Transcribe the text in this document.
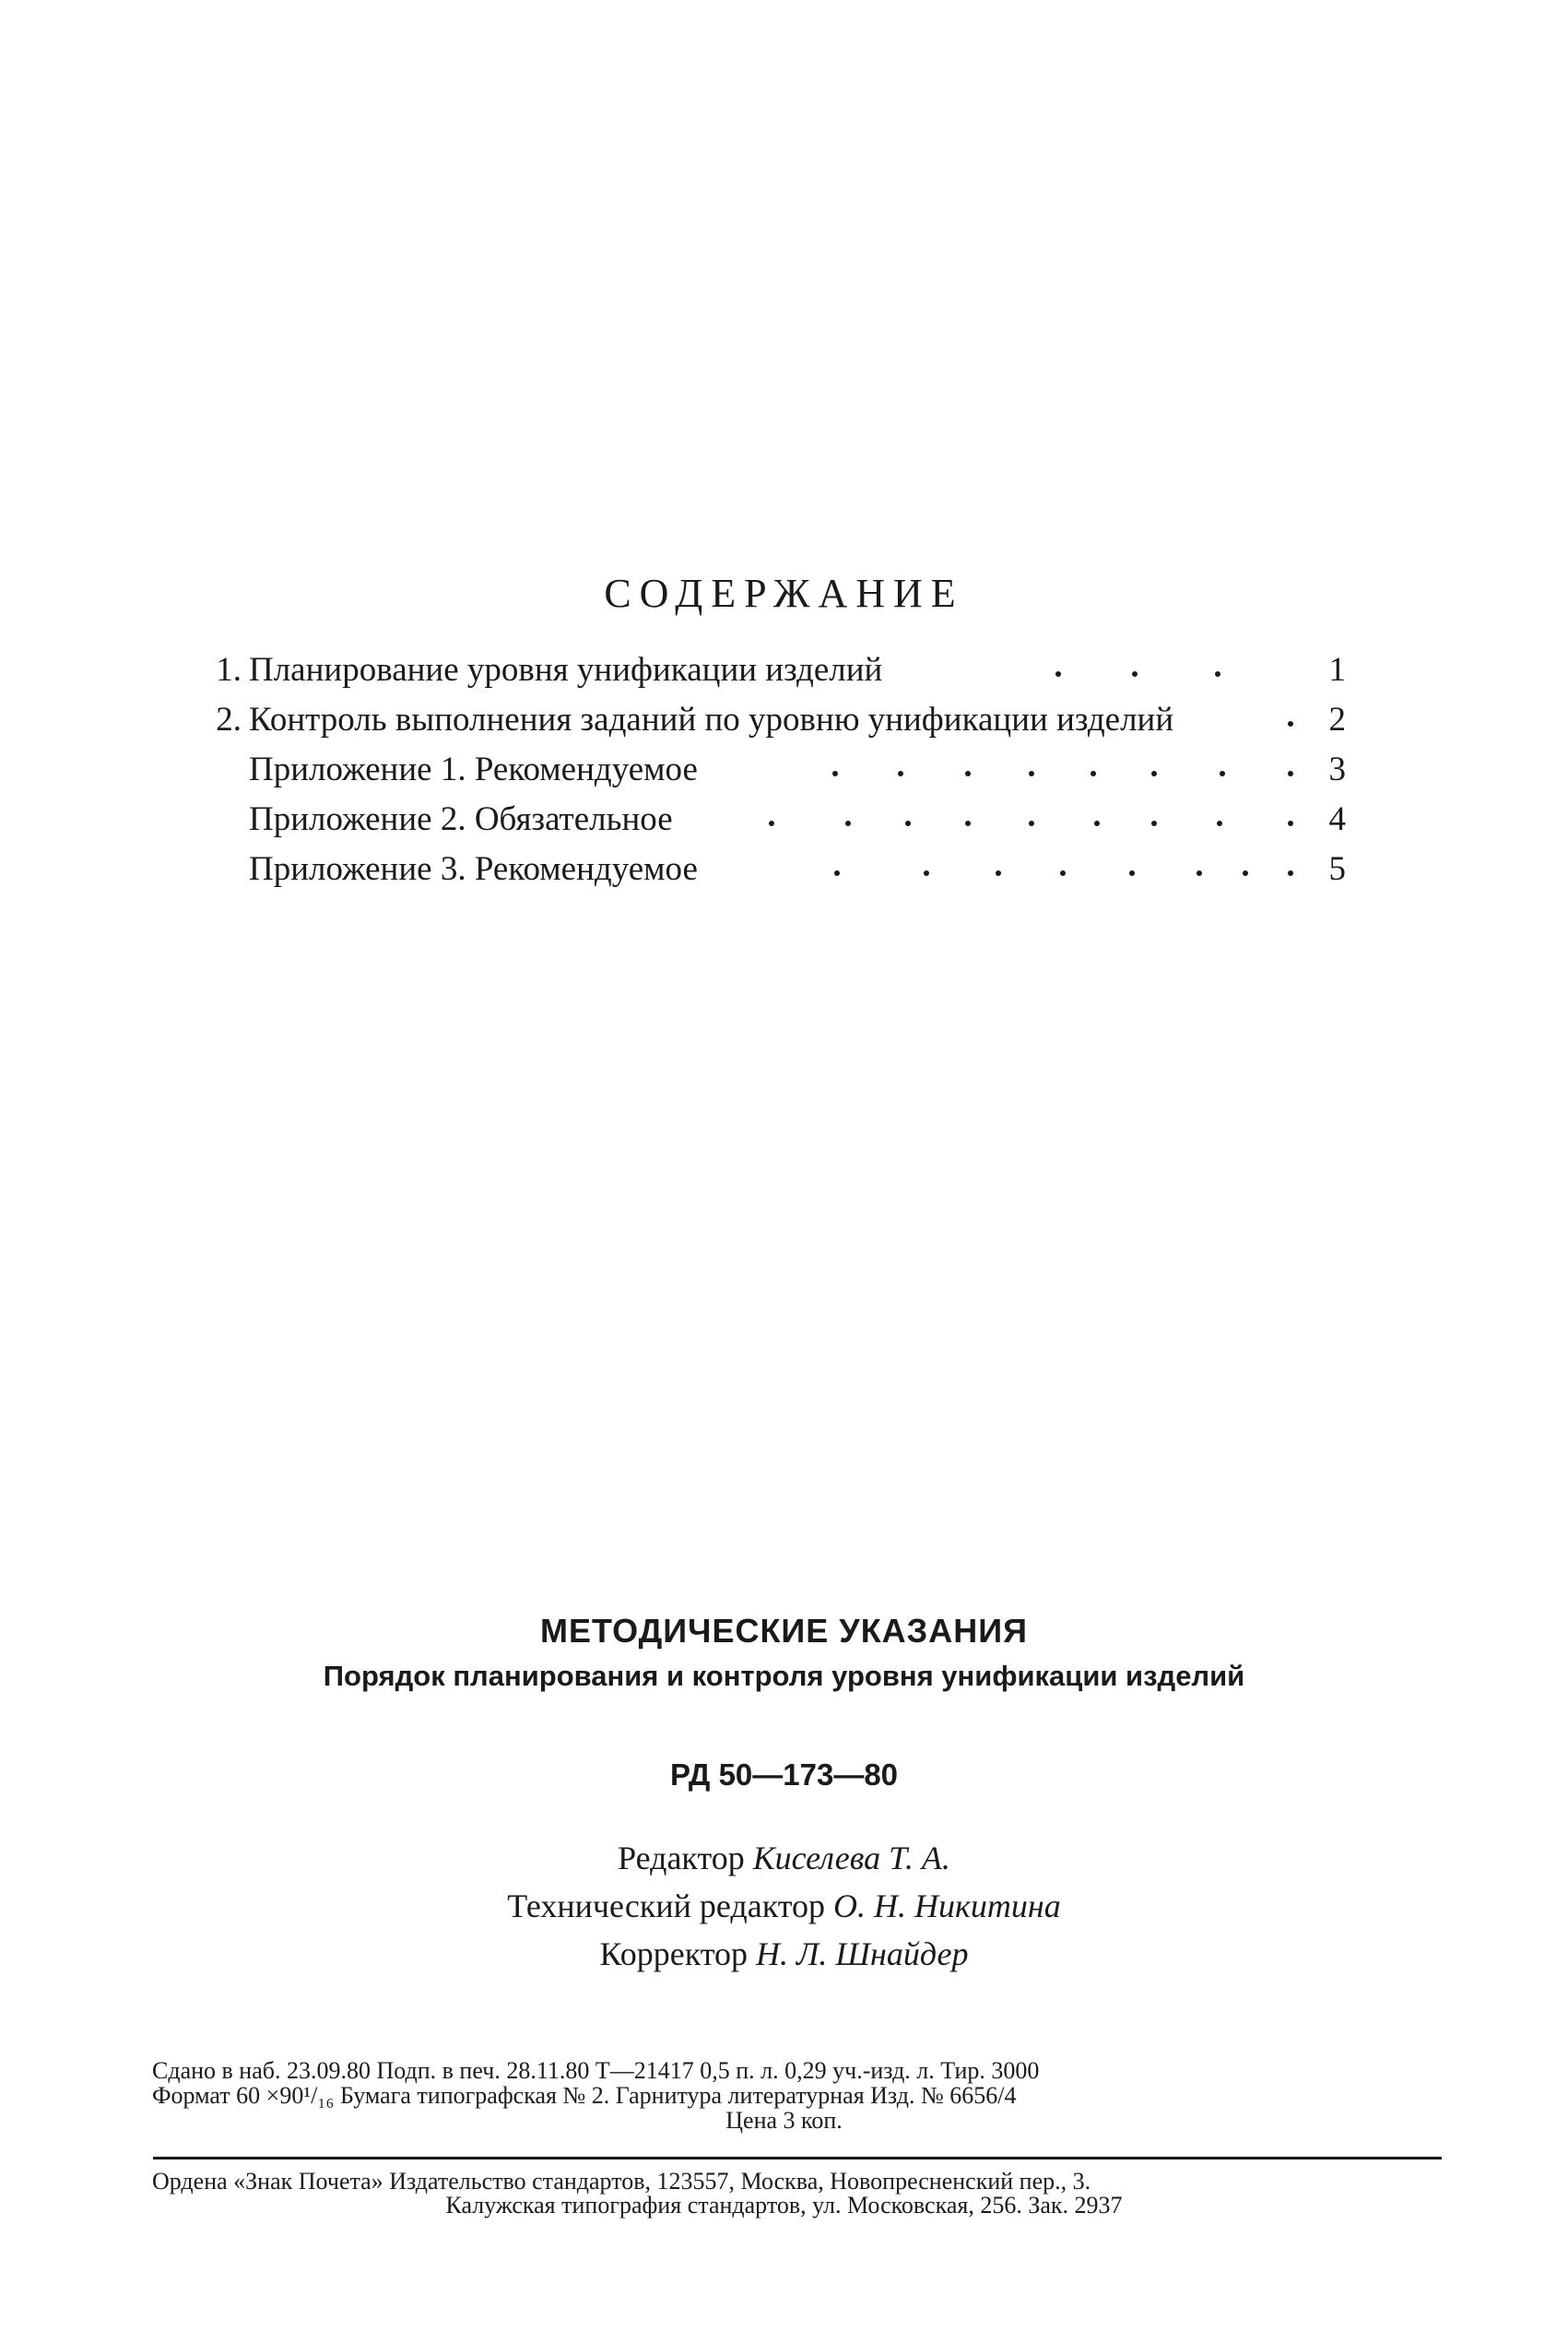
СОДЕРЖАНИЕ
1. Планирование уровня унификации изделий	1
2. Контроль выполнения заданий по уровню унификации изделий	2
Приложение 1. Рекомендуемое	3
Приложение 2. Обязательное	4
Приложение 3. Рекомендуемое	5
МЕТОДИЧЕСКИЕ УКАЗАНИЯ
Порядок планирования и контроля уровня унификации изделий
РД 50—173—80
Редактор Киселева Т. А.
Технический редактор О. Н. Никитина
Корректор Н. Л. Шнайдер
Сдано в наб. 23.09.80 Подп. в печ. 28.11.80 Т—21417 0,5 п. л. 0,29 уч.-изд. л. Тир. 3000
Формат 60 ×90¹/₁₆ Бумага типографская № 2. Гарнитура литературная Изд. № 6656/4
Цена 3 коп.
Ордена «Знак Почета» Издательство стандартов, 123557, Москва, Новопресненский пер., 3.
Калужская типография стандартов, ул. Московская, 256. Зак. 2937
